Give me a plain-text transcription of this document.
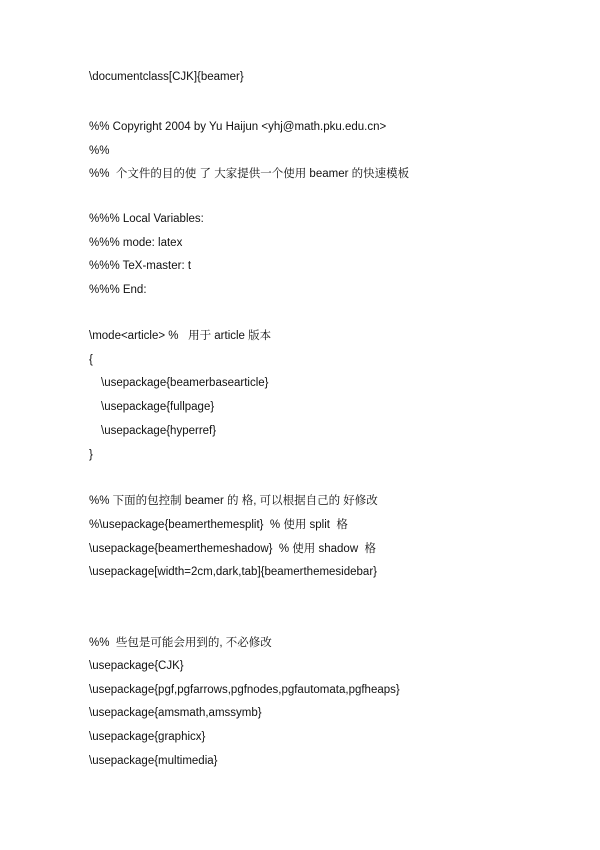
\documentclass[CJK]{beamer}
%% Copyright 2004 by Yu Haijun <yhj@math.pku.edu.cn>
%%
%%  个文件的目的使 了 大家提供一个使用 beamer 的快速模板
%%% Local Variables:
%%% mode: latex
%%% TeX-master: t
%%% End:
\mode<article> %   用于 article 版本
{
\usepackage{beamerbasearticle}
\usepackage{fullpage}
\usepackage{hyperref}
}
%% 下面的包控制 beamer 的 格, 可以根据自己的 好修改
%\usepackage{beamerthemesplit}  % 使用 split  格
\usepackage{beamerthemeshadow}  % 使用 shadow  格
\usepackage[width=2cm,dark,tab]{beamerthemesidebar}
%%  些包是可能会用到的, 不必修改
\usepackage{CJK}
\usepackage{pgf,pgfarrows,pgfnodes,pgfautomata,pgfheaps}
\usepackage{amsmath,amssymb}
\usepackage{graphicx}
\usepackage{multimedia}
